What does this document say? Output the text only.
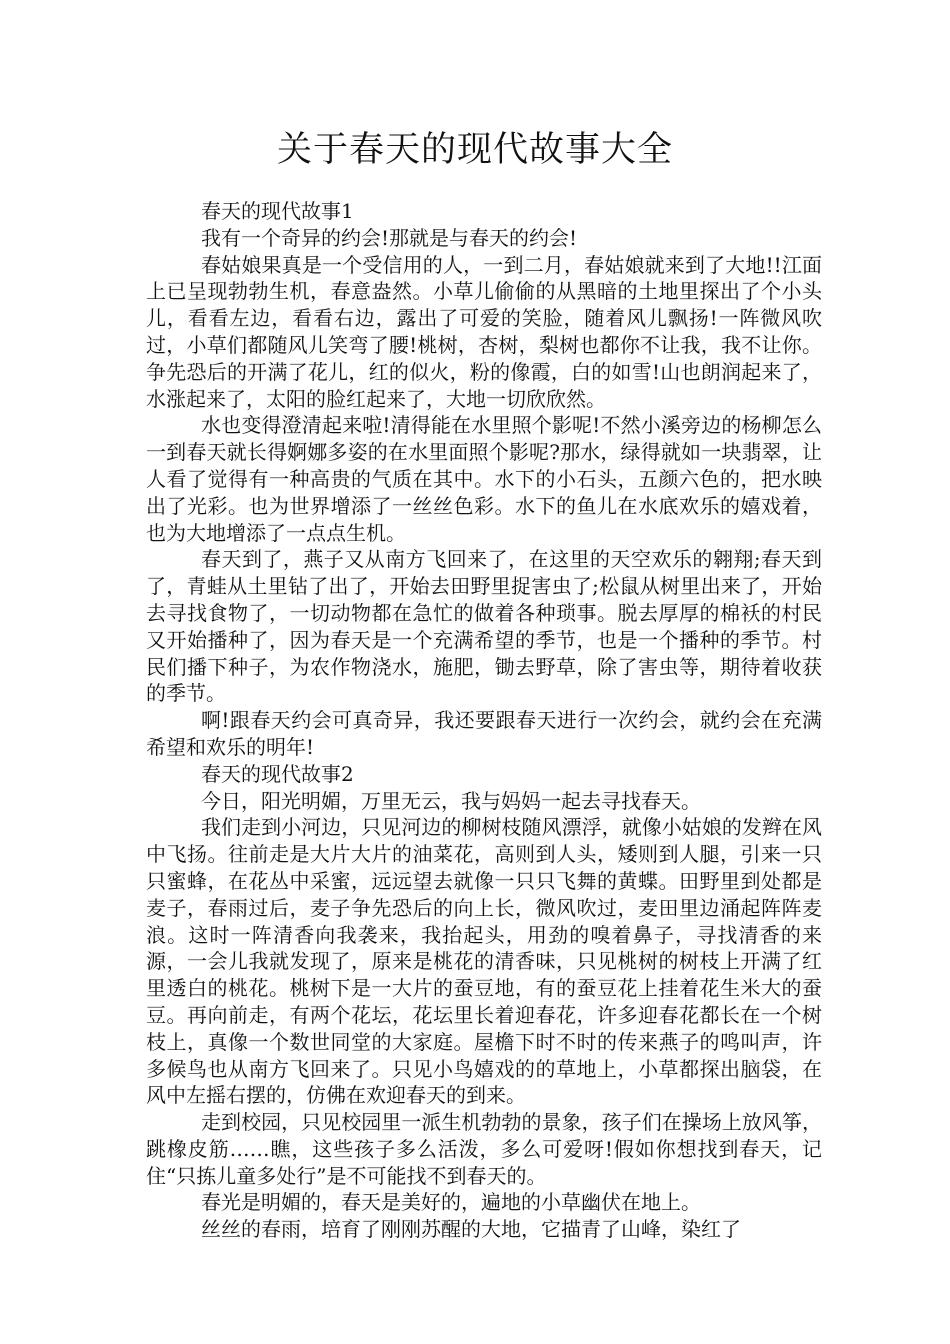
关于春天的现代故事大全

春天的现代故事1

我有一个奇异的约会!那就是与春天的约会!

春姑娘果真是一个受信用的人，一到二月，春姑娘就来到了大地!!江面上已呈现勃勃生机，春意盎然。小草儿偷偷的从黑暗的土地里探出了个小头儿，看看左边，看看右边，露出了可爱的笑脸，随着风儿飘扬!一阵微风吹过，小草们都随风儿笑弯了腰!桃树，杏树，梨树也都你不让我，我不让你。争先恐后的开满了花儿，红的似火，粉的像霞，白的如雪!山也朗润起来了，水涨起来了，太阳的脸红起来了，大地一切欣欣然。

水也变得澄清起来啦!清得能在水里照个影呢!不然小溪旁边的杨柳怎么一到春天就长得婀娜多姿的在水里面照个影呢?那水，绿得就如一块翡翠，让人看了觉得有一种高贵的气质在其中。水下的小石头，五颜六色的，把水映出了光彩。也为世界增添了一丝丝色彩。水下的鱼儿在水底欢乐的嬉戏着，也为大地增添了一点点生机。

春天到了，燕子又从南方飞回来了，在这里的天空欢乐的翱翔;春天到了，青蛙从土里钻了出了，开始去田野里捉害虫了;松鼠从树里出来了，开始去寻找食物了，一切动物都在急忙的做着各种琐事。脱去厚厚的棉袄的村民又开始播种了，因为春天是一个充满希望的季节，也是一个播种的季节。村民们播下种子，为农作物浇水，施肥，锄去野草，除了害虫等，期待着收获的季节。

啊!跟春天约会可真奇异，我还要跟春天进行一次约会，就约会在充满希望和欢乐的明年!

春天的现代故事2

今日，阳光明媚，万里无云，我与妈妈一起去寻找春天。

我们走到小河边，只见河边的柳树枝随风漂浮，就像小姑娘的发辫在风中飞扬。往前走是大片大片的油菜花，高则到人头，矮则到人腿，引来一只只蜜蜂，在花丛中采蜜，远远望去就像一只只飞舞的黄蝶。田野里到处都是麦子，春雨过后，麦子争先恐后的向上长，微风吹过，麦田里边涌起阵阵麦浪。这时一阵清香向我袭来，我抬起头，用劲的嗅着鼻子，寻找清香的来源，一会儿我就发现了，原来是桃花的清香味，只见桃树的树枝上开满了红里透白的桃花。桃树下是一大片的蚕豆地，有的蚕豆花上挂着花生米大的蚕豆。再向前走，有两个花坛，花坛里长着迎春花，许多迎春花都长在一个树枝上，真像一个数世同堂的大家庭。屋檐下时不时的传来燕子的鸣叫声，许多候鸟也从南方飞回来了。只见小鸟嬉戏的的草地上，小草都探出脑袋，在风中左摇右摆的，仿佛在欢迎春天的到来。

走到校园，只见校园里一派生机勃勃的景象，孩子们在操场上放风筝，跳橡皮筋……瞧，这些孩子多么活泼，多么可爱呀!假如你想找到春天，记住“只拣儿童多处行”是不可能找不到春天的。

春光是明媚的，春天是美好的，遍地的小草幽伏在地上。

丝丝的春雨，培育了刚刚苏醒的大地，它描青了山峰，染红了
